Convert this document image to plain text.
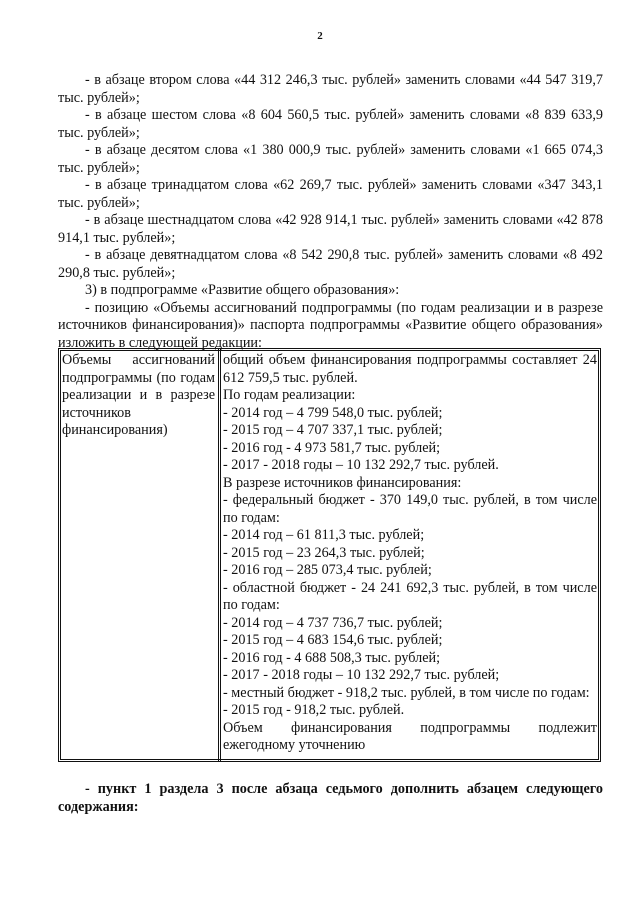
2

- в абзаце втором слова «44 312 246,3 тыс. рублей» заменить словами «44 547 319,7 тыс. рублей»;

- в абзаце шестом слова «8 604 560,5 тыс. рублей» заменить словами «8 839 633,9 тыс. рублей»;

- в абзаце десятом слова «1 380 000,9 тыс. рублей» заменить словами «1 665 074,3 тыс. рублей»;

- в абзаце тринадцатом слова «62 269,7 тыс. рублей» заменить словами «347 343,1 тыс. рублей»;

- в абзаце шестнадцатом слова «42 928 914,1 тыс. рублей» заменить словами «42 878 914,1 тыс. рублей»;

- в абзаце девятнадцатом слова «8 542 290,8 тыс. рублей» заменить словами «8 492 290,8 тыс. рублей»;

3) в подпрограмме «Развитие общего образования»:

- позицию «Объемы ассигнований подпрограммы (по годам реализации и в разрезе источников финансирования)» паспорта подпрограммы «Развитие общего образования» изложить в следующей редакции:

Объемы ассигнований подпрограммы (по годам реализации и в разрезе источников финансирования)

общий объем финансирования подпрограммы составляет 24 612 759,5 тыс. рублей.

По годам реализации:

- 2014 год – 4 799 548,0 тыс. рублей;

- 2015 год – 4 707 337,1 тыс. рублей;

- 2016 год - 4 973 581,7 тыс. рублей;

- 2017 - 2018 годы – 10 132 292,7 тыс. рублей.

В разрезе источников финансирования:

- федеральный бюджет - 370 149,0 тыс. рублей, в том числе по годам:

- 2014 год – 61 811,3 тыс. рублей;

- 2015 год – 23 264,3 тыс. рублей;

- 2016 год – 285 073,4 тыс. рублей;

- областной бюджет - 24 241 692,3 тыс. рублей, в том числе по годам:

- 2014 год – 4 737 736,7 тыс. рублей;

- 2015 год – 4 683 154,6 тыс. рублей;

- 2016 год - 4 688 508,3 тыс. рублей;

- 2017 - 2018 годы – 10 132 292,7 тыс. рублей;

- местный бюджет - 918,2 тыс. рублей, в том числе по годам:

- 2015 год - 918,2 тыс. рублей.

Объем финансирования подпрограммы подлежит ежегодному уточнению

- пункт 1 раздела 3 после абзаца седьмого дополнить абзацем следующего содержания:
